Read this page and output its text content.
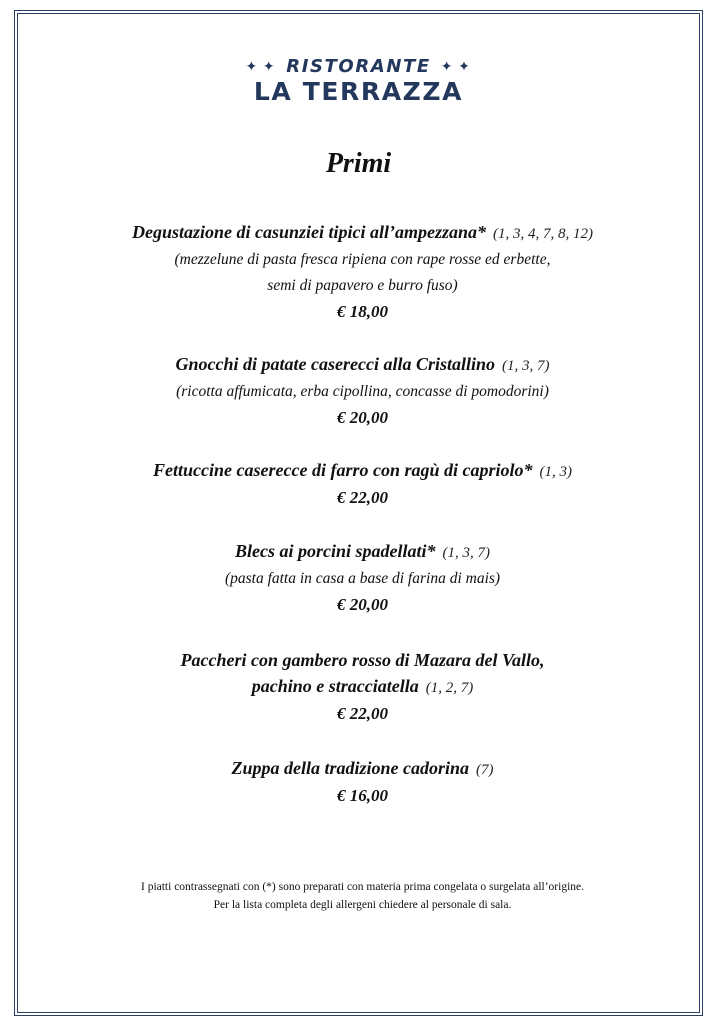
✦ ✦ RISTORANTE ✦ ✦
LA TERRAZZA
Primi
Degustazione di casunziei tipici all’ampezzana* (1, 3, 4, 7, 8, 12)
(mezzelune di pasta fresca ripiena con rape rosse ed erbette,
semi di papavero e burro fuso)
€ 18,00
Gnocchi di patate caserecci alla Cristallino (1, 3, 7)
(ricotta affumicata, erba cipollina, concasse di pomodorini)
€ 20,00
Fettuccine caserecce di farro con ragù di capriolo* (1, 3)
€ 22,00
Blecs ai porcini spadellati* (1, 3, 7)
(pasta fatta in casa a base di farina di mais)
€ 20,00
Paccheri con gambero rosso di Mazara del Vallo,
pachino e stracciatella (1, 2, 7)
€ 22,00
Zuppa della tradizione cadorina (7)
€ 16,00
I piatti contrassegnati con (*) sono preparati con materia prima congelata o surgelata all’origine.
Per la lista completa degli allergeni chiedere al personale di sala.
